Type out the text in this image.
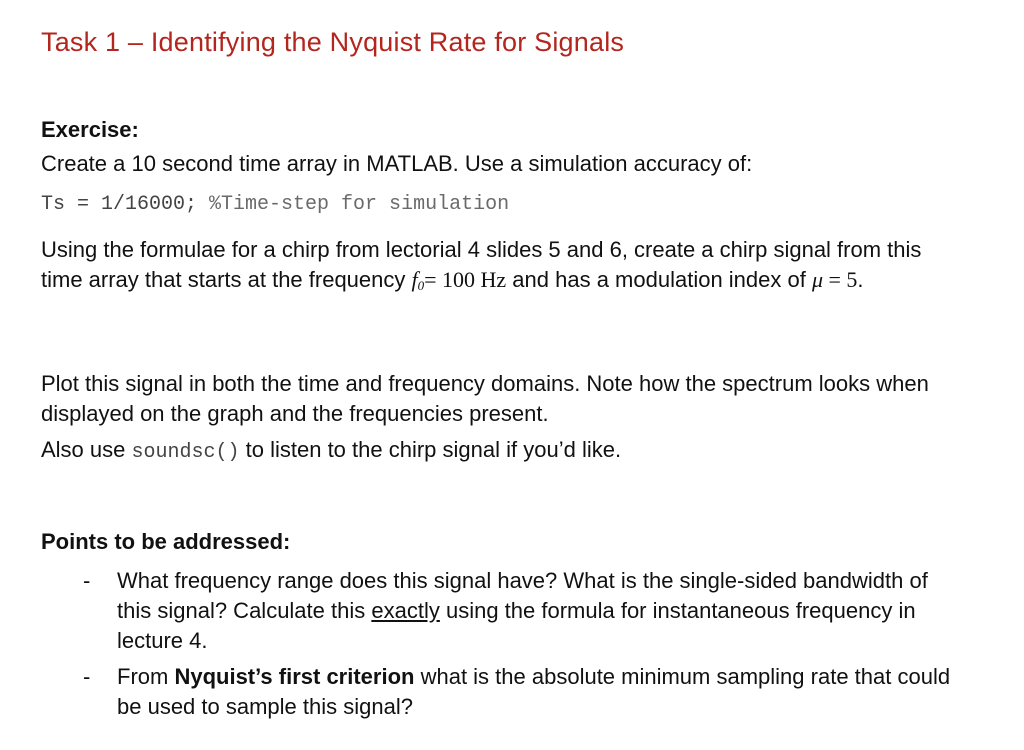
Task 1 – Identifying the Nyquist Rate for Signals
Exercise:

Create a 10 second time array in MATLAB. Use a simulation accuracy of:

Ts = 1/16000; %Time-step for simulation

Using the formulae for a chirp from lectorial 4 slides 5 and 6, create a chirp signal from this time array that starts at the frequency $f_0= 100$ Hz and has a modulation index of μ = 5.

Plot this signal in both the time and frequency domains. Note how the spectrum looks when displayed on the graph and the frequencies present.

Also use soundsc() to listen to the chirp signal if you’d like.

Points to be addressed:
- What frequency range does this signal have? What is the single-sided bandwidth of this signal? Calculate this exactly using the formula for instantaneous frequency in lecture 4.
- From Nyquist’s first criterion what is the absolute minimum sampling rate that could be used to sample this signal?
